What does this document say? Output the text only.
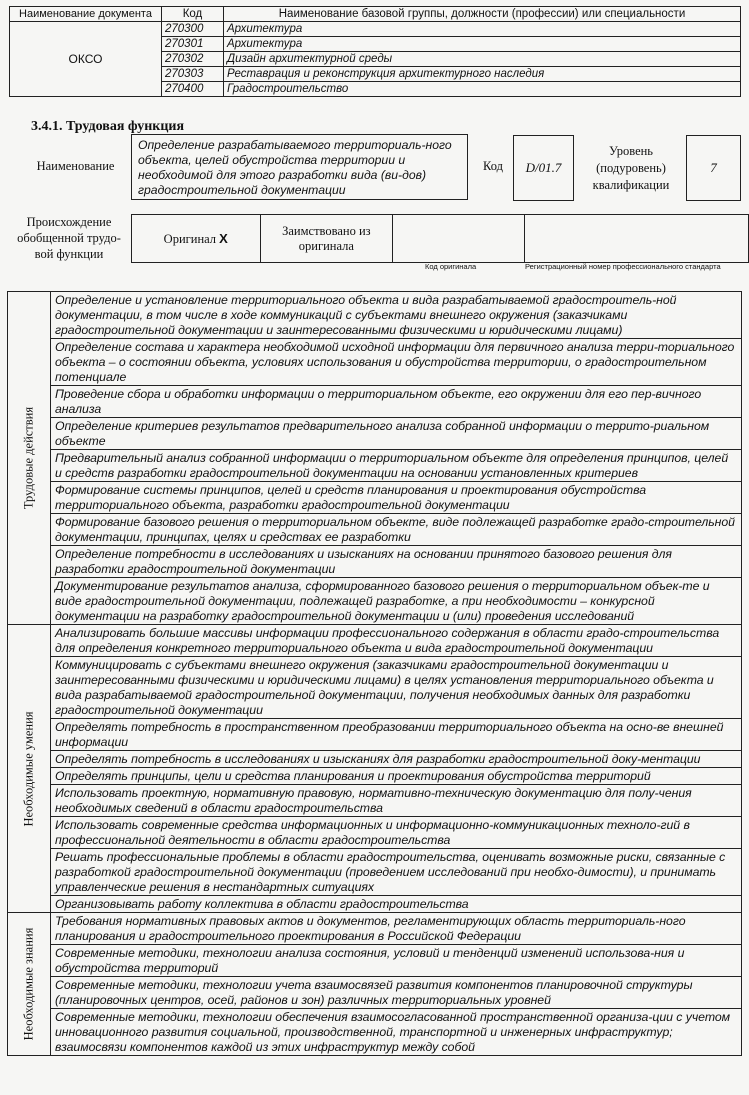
Наименование документа	Код	Наименование базовой группы, должности (профессии) или специальности
ОКСО	270300	Архитектура
	270301	Архитектура
	270302	Дизайн архитектурной среды
	270303	Реставрация и реконструкция архитектурного наследия
	270400	Градостроительство
3.4.1. Трудовая функция
Наименование
Определение разрабатываемого территориаль-ного объекта, целей обустройства территории и необходимой для этого разработки вида (ви-дов) градостроительной документации
Код	D/01.7
Уровень (подуровень) квалификации
7
Происхождение обобщенной трудо-вой функции
Оригинал X	Заимствовано из оригинала		
Код оригинала	Регистрационный номер профессионального стандарта
Трудовые действия	Определение и установление территориального объекта и вида разрабатываемой градостроитель-ной документации, в том числе в ходе коммуникаций с субъектами внешнего окружения (заказчиками градостроительной документации и заинтересованными физическими и юридическими лицами)
	Определение состава и характера необходимой исходной информации для первичного анализа терри-ториального объекта – о состоянии объекта, условиях использования и обустройства территории, о градостроительном потенциале
	Проведение сбора и обработки информации о территориальном объекте, его окружении для его пер-вичного анализа
	Определение критериев результатов предварительного анализа собранной информации о террито-риальном объекте
	Предварительный анализ собранной информации о территориальном объекте для определения принципов, целей и средств разработки градостроительной документации на основании установленных критериев
	Формирование системы принципов, целей и средств планирования и проектирования обустройства территориального объекта, разработки градостроительной документации
	Формирование базового решения о территориальном объекте, виде подлежащей разработке градо-строительной документации, принципах, целях и средствах ее разработки
	Определение потребности в исследованиях и изысканиях на основании принятого базового решения для разработки градостроительной документации
	Документирование результатов анализа, сформированного базового решения о территориальном объек-те и виде градостроительной документации, подлежащей разработке, а при необходимости – конкурсной документации на разработку градостроительной документации и (или) проведения исследований

Необходимые умения	Анализировать большие массивы информации профессионального содержания в области градо-строительства для определения конкретного территориального объекта и вида градостроительной документации
	Коммуницировать с субъектами внешнего окружения (заказчиками градостроительной документации и заинтересованными физическими и юридическими лицами) в целях установления территориального объекта и вида разрабатываемой градостроительной документации, получения необходимых данных для разработки градостроительной документации
	Определять потребность в пространственном преобразовании территориального объекта на осно-ве внешней информации
	Определять потребность в исследованиях и изысканиях для разработки градостроительной доку-ментации
	Определять принципы, цели и средства планирования и проектирования обустройства территорий
	Использовать проектную, нормативную правовую, нормативно-техническую документацию для полу-чения необходимых сведений в области градостроительства
	Использовать современные средства информационных и информационно-коммуникационных техноло-гий в профессиональной деятельности в области градостроительства
	Решать профессиональные проблемы в области градостроительства, оценивать возможные риски, связанные с разработкой градостроительной документации (проведением исследований при необхо-димости), и принимать управленческие решения в нестандартных ситуациях
	Организовывать работу коллектива в области градостроительства

Необходимые знания	Требования нормативных правовых актов и документов, регламентирующих область территориаль-ного планирования и градостроительного проектирования в Российской Федерации
	Современные методики, технологии анализа состояния, условий и тенденций изменений использова-ния и обустройства территорий
	Современные методики, технологии учета взаимосвязей развития компонентов планировочной структуры (планировочных центров, осей, районов и зон) различных территориальных уровней
	Современные методики, технологии обеспечения взаимосогласованной пространственной организа-ции с учетом инновационного развития социальной, производственной, транспортной и инженерных инфраструктур; взаимосвязи компонентов каждой из этих инфраструктур между собой
